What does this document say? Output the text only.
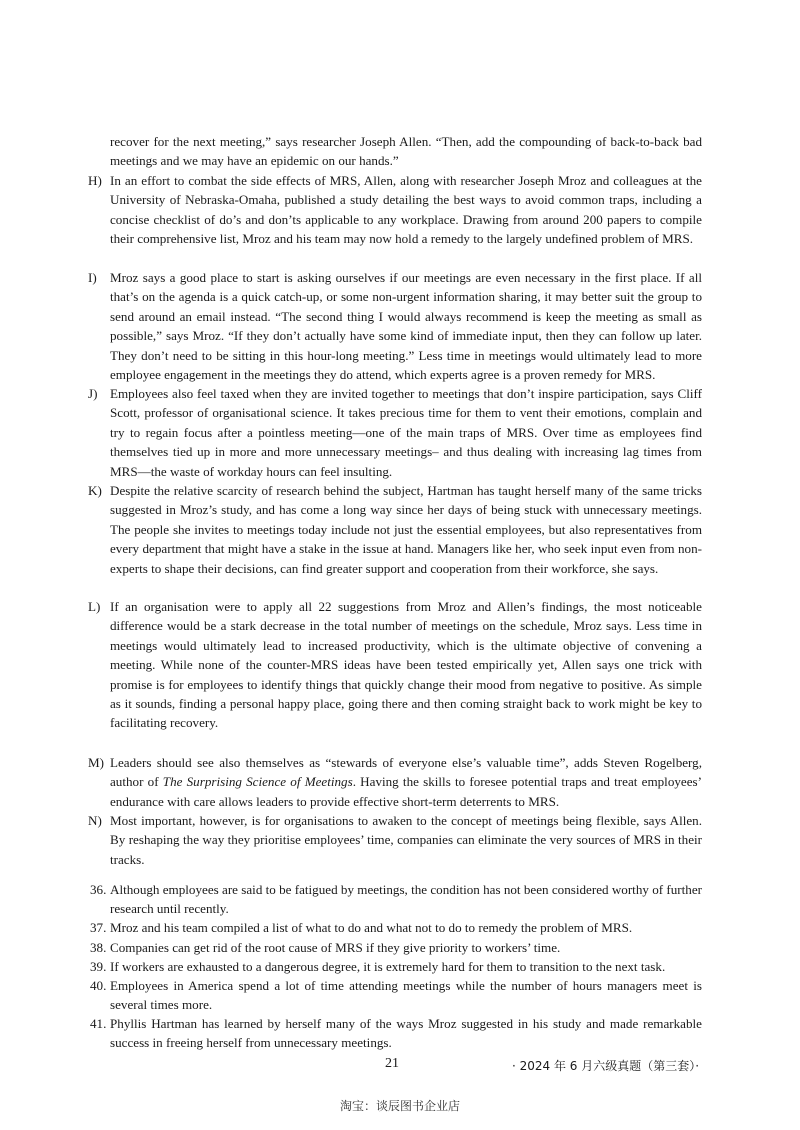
recover for the next meeting,” says researcher Joseph Allen. “Then, add the compounding of back-to-back bad meetings and we may have an epidemic on our hands.”
H) In an effort to combat the side effects of MRS, Allen, along with researcher Joseph Mroz and colleagues at the University of Nebraska-Omaha, published a study detailing the best ways to avoid common traps, including a concise checklist of do’s and don’ts applicable to any workplace. Drawing from around 200 papers to compile their comprehensive list, Mroz and his team may now hold a remedy to the largely undefined problem of MRS.
I) Mroz says a good place to start is asking ourselves if our meetings are even necessary in the first place. If all that’s on the agenda is a quick catch-up, or some non-urgent information sharing, it may better suit the group to send around an email instead. “The second thing I would always recommend is keep the meeting as small as possible,” says Mroz. “If they don’t actually have some kind of immediate input, then they can follow up later. They don’t need to be sitting in this hour-long meeting.” Less time in meetings would ultimately lead to more employee engagement in the meetings they do attend, which experts agree is a proven remedy for MRS.
J) Employees also feel taxed when they are invited together to meetings that don’t inspire participation, says Cliff Scott, professor of organisational science. It takes precious time for them to vent their emotions, complain and try to regain focus after a pointless meeting—one of the main traps of MRS. Over time as employees find themselves tied up in more and more unnecessary meetings– and thus dealing with increasing lag times from MRS—the waste of workday hours can feel insulting.
K) Despite the relative scarcity of research behind the subject, Hartman has taught herself many of the same tricks suggested in Mroz’s study, and has come a long way since her days of being stuck with unnecessary meetings. The people she invites to meetings today include not just the essential employees, but also representatives from every department that might have a stake in the issue at hand. Managers like her, who seek input even from non-experts to shape their decisions, can find greater support and cooperation from their workforce, she says.
L) If an organisation were to apply all 22 suggestions from Mroz and Allen’s findings, the most noticeable difference would be a stark decrease in the total number of meetings on the schedule, Mroz says. Less time in meetings would ultimately lead to increased productivity, which is the ultimate objective of convening a meeting. While none of the counter-MRS ideas have been tested empirically yet, Allen says one trick with promise is for employees to identify things that quickly change their mood from negative to positive. As simple as it sounds, finding a personal happy place, going there and then coming straight back to work might be key to facilitating recovery.
M) Leaders should see also themselves as “stewards of everyone else’s valuable time”, adds Steven Rogelberg, author of The Surprising Science of Meetings. Having the skills to foresee potential traps and treat employees’ endurance with care allows leaders to provide effective short-term deterrents to MRS.
N) Most important, however, is for organisations to awaken to the concept of meetings being flexible, says Allen. By reshaping the way they prioritise employees’ time, companies can eliminate the very sources of MRS in their tracks.
36. Although employees are said to be fatigued by meetings, the condition has not been considered worthy of further research until recently.
37. Mroz and his team compiled a list of what to do and what not to do to remedy the problem of MRS.
38. Companies can get rid of the root cause of MRS if they give priority to workers’ time.
39. If workers are exhausted to a dangerous degree, it is extremely hard for them to transition to the next task.
40. Employees in America spend a lot of time attending meetings while the number of hours managers meet is several times more.
41. Phyllis Hartman has learned by herself many of the ways Mroz suggested in his study and made remarkable success in freeing herself from unnecessary meetings.
21	· 2024 年 6 月六级真题（第三套）·
淘宝：谈辰图书企业店
